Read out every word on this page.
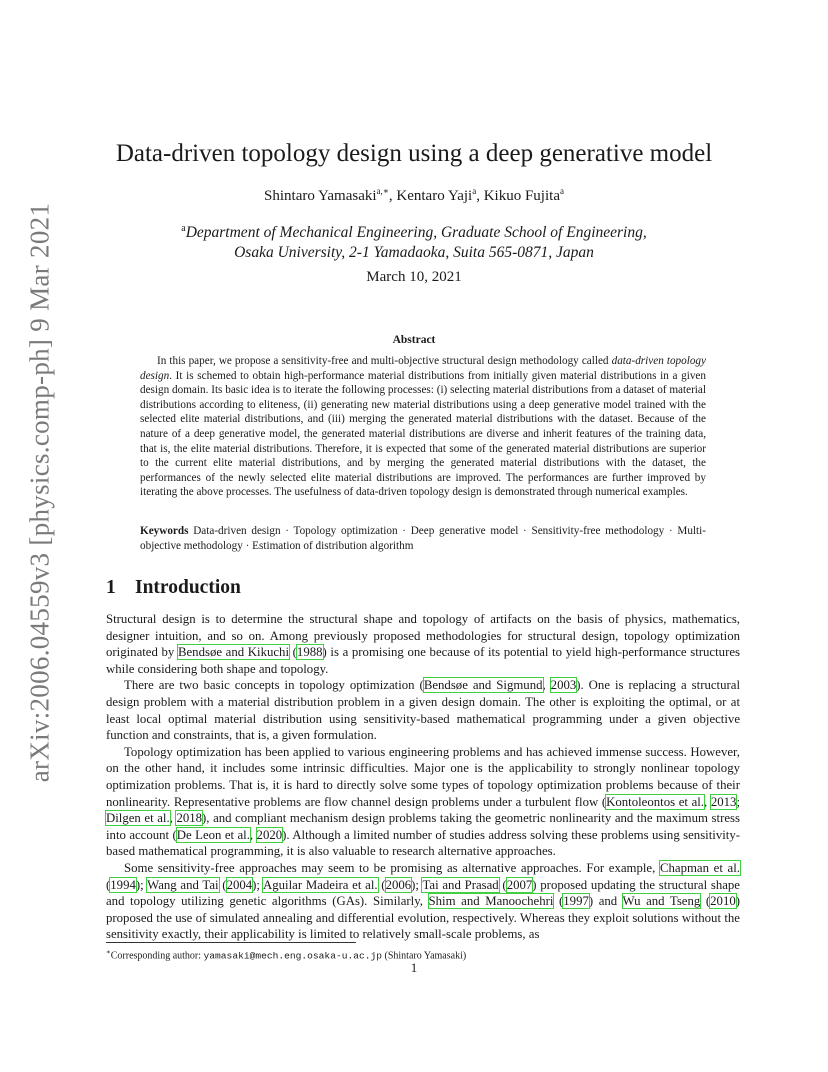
arXiv:2006.04559v3 [physics.comp-ph] 9 Mar 2021
Data-driven topology design using a deep generative model
Shintaro Yamasaki$^{a,∗}$, Kentaro Yaji$^a$, Kikuo Fujita$^a$
$^a$Department of Mechanical Engineering, Graduate School of Engineering,
Osaka University, 2-1 Yamadaoka, Suita 565-0871, Japan
March 10, 2021
Abstract

In this paper, we propose a sensitivity-free and multi-objective structural design methodology called data-driven topology design. It is schemed to obtain high-performance material distributions from initially given material distributions in a given design domain. Its basic idea is to iterate the following processes: (i) selecting material distributions from a dataset of material distributions according to eliteness, (ii) generating new material distributions using a deep generative model trained with the selected elite material distributions, and (iii) merging the generated material distributions with the dataset. Because of the nature of a deep generative model, the generated material distributions are diverse and inherit features of the training data, that is, the elite material distributions. Therefore, it is expected that some of the generated material distributions are superior to the current elite material distributions, and by merging the generated material distributions with the dataset, the performances of the newly selected elite material distributions are improved. The performances are further improved by iterating the above processes. The usefulness of data-driven topology design is demonstrated through numerical examples.

Keywords Data-driven design · Topology optimization · Deep generative model · Sensitivity-free methodology · Multi-objective methodology · Estimation of distribution algorithm

1 Introduction

Structural design is to determine the structural shape and topology of artifacts on the basis of physics, mathematics, designer intuition, and so on. Among previously proposed methodologies for structural design, topology optimization originated by Bendsøe and Kikuchi (1988) is a promising one because of its potential to yield high-performance structures while considering both shape and topology.

There are two basic concepts in topology optimization (Bendsøe and Sigmund, 2003). One is replacing a structural design problem with a material distribution problem in a given design domain. The other is exploiting the optimal, or at least local optimal material distribution using sensitivity-based mathematical programming under a given objective function and constraints, that is, a given formulation.

Topology optimization has been applied to various engineering problems and has achieved immense success. However, on the other hand, it includes some intrinsic difficulties. Major one is the applicability to strongly nonlinear topology optimization problems. That is, it is hard to directly solve some types of topology optimization problems because of their nonlinearity. Representative problems are flow channel design problems under a turbulent flow (Kontoleontos et al., 2013; Dilgen et al., 2018), and compliant mechanism design problems taking the geometric nonlinearity and the maximum stress into account (De Leon et al., 2020). Although a limited number of studies address solving these problems using sensitivity-based mathematical programming, it is also valuable to research alternative approaches.

Some sensitivity-free approaches may seem to be promising as alternative approaches. For example, Chapman et al. (1994); Wang and Tai (2004); Aguilar Madeira et al. (2006); Tai and Prasad (2007) proposed updating the structural shape and topology utilizing genetic algorithms (GAs). Similarly, Shim and Manoochehri (1997) and Wu and Tseng (2010) proposed the use of simulated annealing and differential evolution, respectively. Whereas they exploit solutions without the sensitivity exactly, their applicability is limited to relatively small-scale problems, as

∗Corresponding author: yamasaki@mech.eng.osaka-u.ac.jp (Shintaro Yamasaki)
1
